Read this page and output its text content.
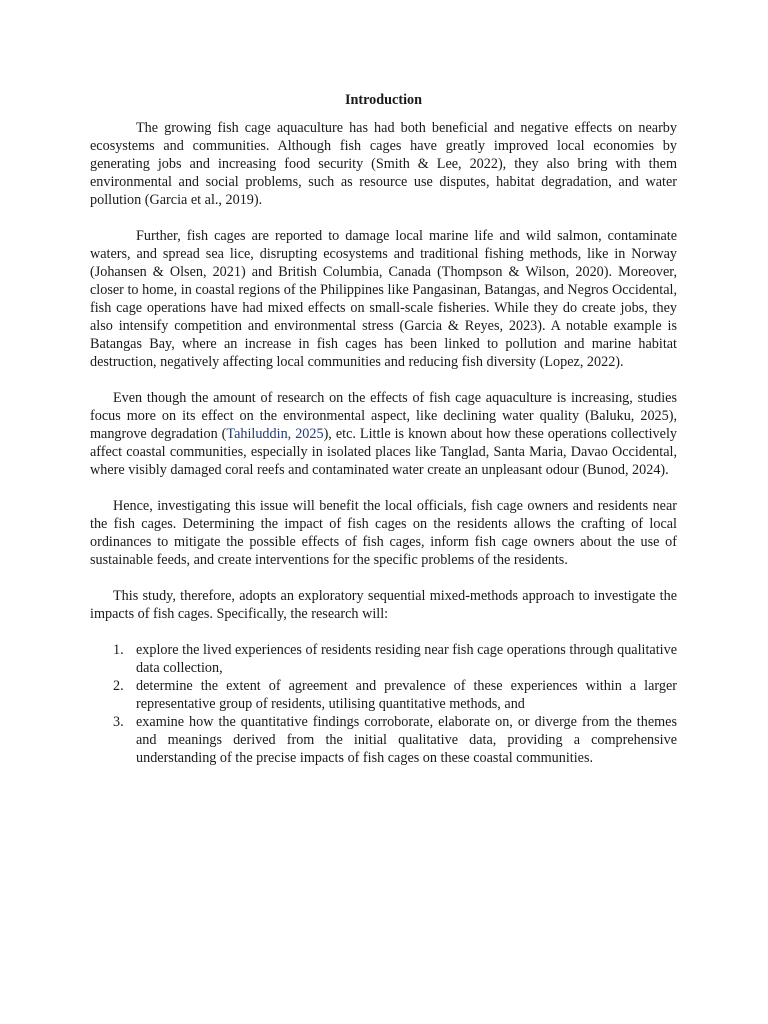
Introduction

The growing fish cage aquaculture has had both beneficial and negative effects on nearby ecosystems and communities. Although fish cages have greatly improved local economies by generating jobs and increasing food security (Smith & Lee, 2022), they also bring with them environmental and social problems, such as resource use disputes, habitat degradation, and water pollution (Garcia et al., 2019).

Further, fish cages are reported to damage local marine life and wild salmon, contaminate waters, and spread sea lice, disrupting ecosystems and traditional fishing methods, like in Norway (Johansen & Olsen, 2021) and British Columbia, Canada (Thompson & Wilson, 2020). Moreover, closer to home, in coastal regions of the Philippines like Pangasinan, Batangas, and Negros Occidental, fish cage operations have had mixed effects on small-scale fisheries. While they do create jobs, they also intensify competition and environmental stress (Garcia & Reyes, 2023). A notable example is Batangas Bay, where an increase in fish cages has been linked to pollution and marine habitat destruction, negatively affecting local communities and reducing fish diversity (Lopez, 2022).

Even though the amount of research on the effects of fish cage aquaculture is increasing, studies focus more on its effect on the environmental aspect, like declining water quality (Baluku, 2025), mangrove degradation (Tahiluddin, 2025), etc. Little is known about how these operations collectively affect coastal communities, especially in isolated places like Tanglad, Santa Maria, Davao Occidental, where visibly damaged coral reefs and contaminated water create an unpleasant odour (Bunod, 2024).

Hence, investigating this issue will benefit the local officials, fish cage owners and residents near the fish cages. Determining the impact of fish cages on the residents allows the crafting of local ordinances to mitigate the possible effects of fish cages, inform fish cage owners about the use of sustainable feeds, and create interventions for the specific problems of the residents.

This study, therefore, adopts an exploratory sequential mixed-methods approach to investigate the impacts of fish cages. Specifically, the research will:

1. explore the lived experiences of residents residing near fish cage operations through qualitative data collection,
2. determine the extent of agreement and prevalence of these experiences within a larger representative group of residents, utilising quantitative methods, and
3. examine how the quantitative findings corroborate, elaborate on, or diverge from the themes and meanings derived from the initial qualitative data, providing a comprehensive understanding of the precise impacts of fish cages on these coastal communities.
